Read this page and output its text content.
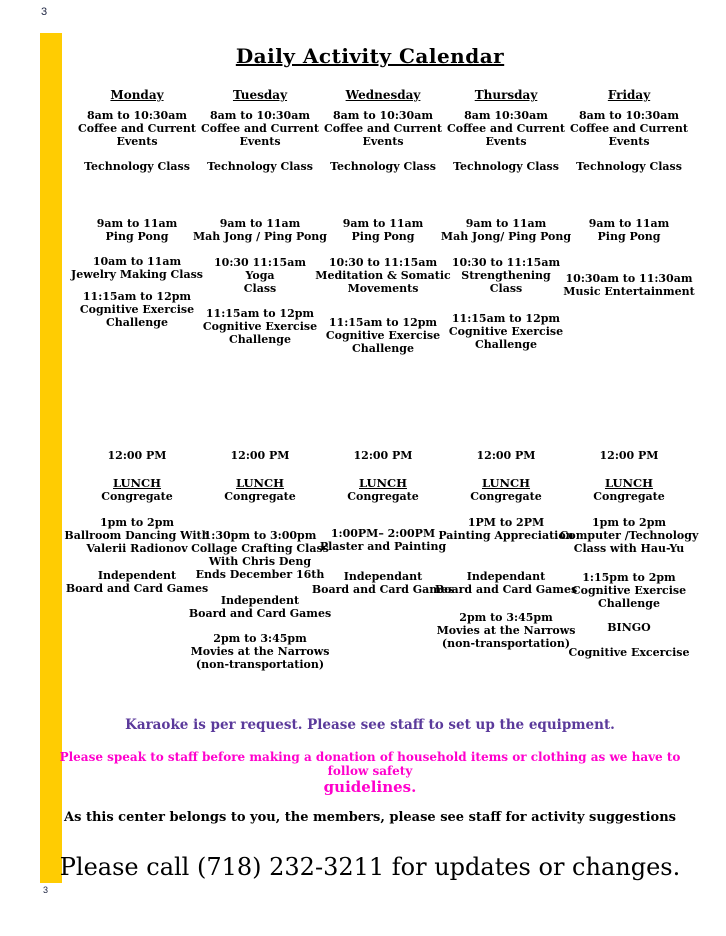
3
Daily Activity Calendar
Monday
8am to 10:30am
Coffee and Current
Events
Technology Class
9am to 11am
Ping Pong
10am to 11am
Jewelry Making Class
11:15am to 12pm
Cognitive Exercise
Challenge
12:00 PM
LUNCH
Congregate
1pm to 2pm
Ballroom Dancing With
Valerii Radionov
Independent
Board and Card Games
Tuesday
8am to 10:30am
Coffee and Current
Events
Technology Class
9am to 11am
Mah Jong / Ping Pong
10:30 11:15am
Yoga
Class
11:15am to 12pm
Cognitive Exercise
Challenge
12:00 PM
LUNCH
Congregate
1:30pm to 3:00pm
Collage Crafting Class
With Chris Deng
Ends December 16th
Independent
Board and Card Games
2pm to 3:45pm
Movies at the Narrows
(non-transportation)
Wednesday
8am to 10:30am
Coffee and Current
Events
Technology Class
9am to 11am
Ping Pong
10:30 to 11:15am
Meditation & Somatic
Movements
11:15am to 12pm
Cognitive Exercise
Challenge
12:00 PM
LUNCH
Congregate
1:00PM– 2:00PM
Plaster and Painting
Independant
Board and Card Games
Thursday
8am 10:30am
Coffee and Current
Events
Technology Class
9am to 11am
Mah Jong/ Ping Pong
10:30 to 11:15am
Strengthening
Class
11:15am to 12pm
Cognitive Exercise
Challenge
12:00 PM
LUNCH
Congregate
1PM to 2PM
Painting Appreciation
Independant
Board and Card Games
2pm to 3:45pm
Movies at the Narrows
(non-transportation)
Friday
8am to 10:30am
Coffee and Current
Events
Technology Class
9am to 11am
Ping Pong
10:30am to 11:30am
Music Entertainment
12:00 PM
LUNCH
Congregate
1pm to 2pm
Computer /Technology
Class with Hau-Yu
1:15pm to 2pm
Cognitive Exercise
Challenge
BINGO
Cognitive Excercise
Karaoke is per request. Please see staff to set up the equipment.
Please speak to staff before making a donation of household items or clothing as we have to
follow safety
guidelines.
As this center belongs to you, the members, please see staff for activity suggestions
Please call (718) 232-3211 for updates or changes.
3
